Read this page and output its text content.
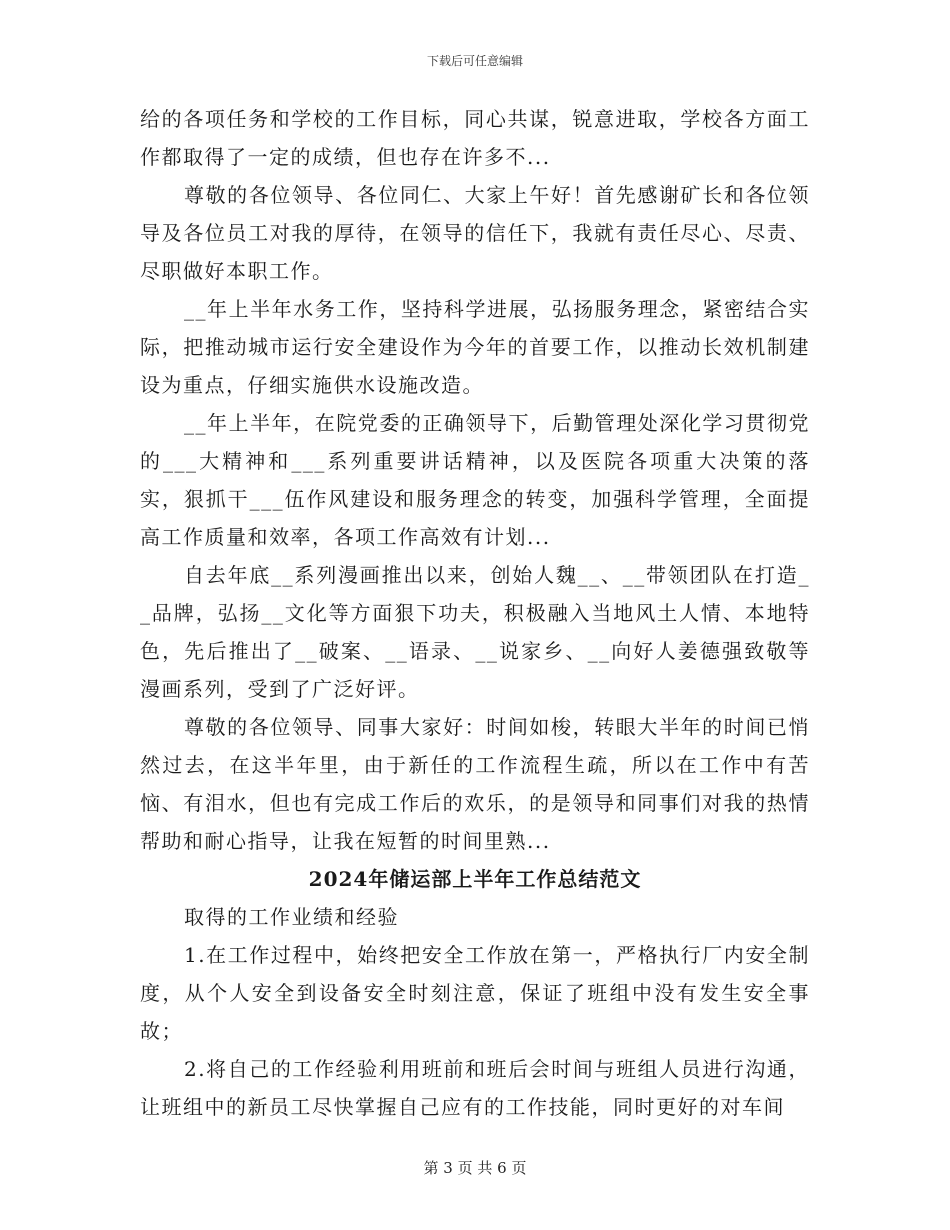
下载后可任意编辑

给的各项任务和学校的工作目标，同心共谋，锐意进取，学校各方面工作都取得了一定的成绩，但也存在许多不...

尊敬的各位领导、各位同仁、大家上午好！首先感谢矿长和各位领导及各位员工对我的厚待，在领导的信任下，我就有责任尽心、尽责、尽职做好本职工作。

__年上半年水务工作，坚持科学进展，弘扬服务理念，紧密结合实际，把推动城市运行安全建设作为今年的首要工作，以推动长效机制建设为重点，仔细实施供水设施改造。

__年上半年，在院党委的正确领导下，后勤管理处深化学习贯彻党的___大精神和___系列重要讲话精神，以及医院各项重大决策的落实，狠抓干___伍作风建设和服务理念的转变，加强科学管理，全面提高工作质量和效率，各项工作高效有计划...

自去年底__系列漫画推出以来，创始人魏__、__带领团队在打造__品牌，弘扬__文化等方面狠下功夫，积极融入当地风土人情、本地特色，先后推出了__破案、__语录、__说家乡、__向好人姜德强致敬等漫画系列，受到了广泛好评。

尊敬的各位领导、同事大家好：时间如梭，转眼大半年的时间已悄然过去，在这半年里，由于新任的工作流程生疏，所以在工作中有苦恼、有泪水，但也有完成工作后的欢乐，的是领导和同事们对我的热情帮助和耐心指导，让我在短暂的时间里熟...

2024年储运部上半年工作总结范文

取得的工作业绩和经验

1.在工作过程中，始终把安全工作放在第一，严格执行厂内安全制度，从个人安全到设备安全时刻注意，保证了班组中没有发生安全事故；

2.将自己的工作经验利用班前和班后会时间与班组人员进行沟通，让班组中的新员工尽快掌握自己应有的工作技能，同时更好的对车间

第 3 页 共 6 页
